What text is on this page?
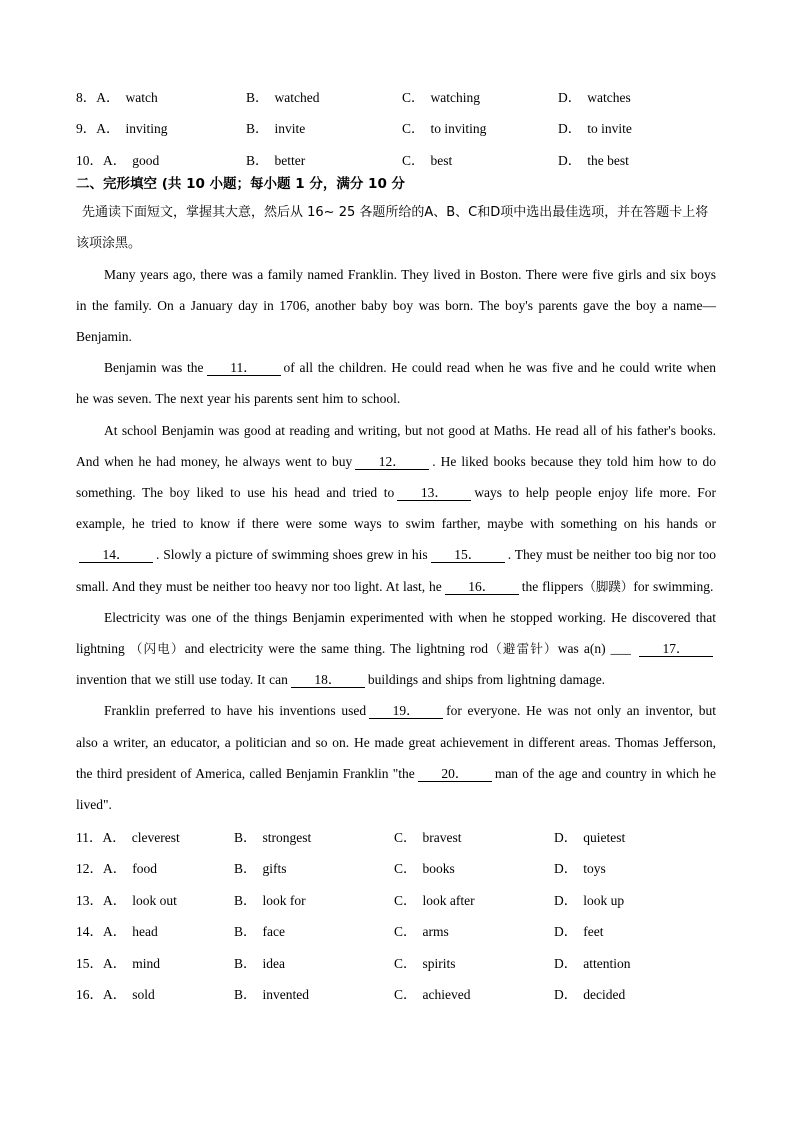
8．A． watch	B． watched	C． watching	D． watches
9．A． inviting	B． invite	C． to inviting	D． to invite
10．A． good	B． better	C． best	D． the best
二、完形填空 (共 10 小题；每小题 1 分，满分 10 分
先通读下面短文，掌握其大意，然后从 16~ 25 各题所给的A、B、C和D项中选出最佳选项，并在答题卡上将该项涂黑。

Many years ago, there was a family named Franklin. They lived in Boston. There were five girls and six boys in the family. On a January day in 1706, another baby boy was born. The boy's parents gave the boy a name—Benjamin.

Benjamin was the 11． of all the children. He could read when he was five and he could write when he was seven. The next year his parents sent him to school.

At school Benjamin was good at reading and writing, but not good at Maths. He read all of his father's books. And when he had money, he always went to buy 12． . He liked books because they told him how to do something. The boy liked to use his head and tried to 13． ways to help people enjoy life more. For example, he tried to know if there were some ways to swim farther, maybe with something on his hands or14． . Slowly a picture of swimming shoes grew in his 15． . They must be neither too big nor too small. And they must be neither too heavy nor too light. At last, he 16． the flippers（脚蹼）for swimming.

Electricity was one of the things Benjamin experimented with when he stopped working. He discovered that lightning （闪电）and electricity were the same thing. The lightning rod（避雷针）was a(n) ___ 17．invention that we still use today. It can 18． buildings and ships from lightning damage.

Franklin preferred to have his inventions used 19． for everyone. He was not only an inventor, but also a writer, an educator, a politician and so on. He made great achievement in different areas. Thomas Jefferson, the third president of America, called Benjamin Franklin "the 20． man of the age and country in which he lived".

11．A． cleverest	B． strongest	C． bravest	D． quietest
12．A． food	B． gifts	C． books	D． toys
13．A． look out	B． look for	C． look after	D． look up
14．A． head	B． face	C． arms	D． feet
15．A． mind	B． idea	C． spirits	D． attention
16．A． sold	B． invented	C． achieved	D． decided
